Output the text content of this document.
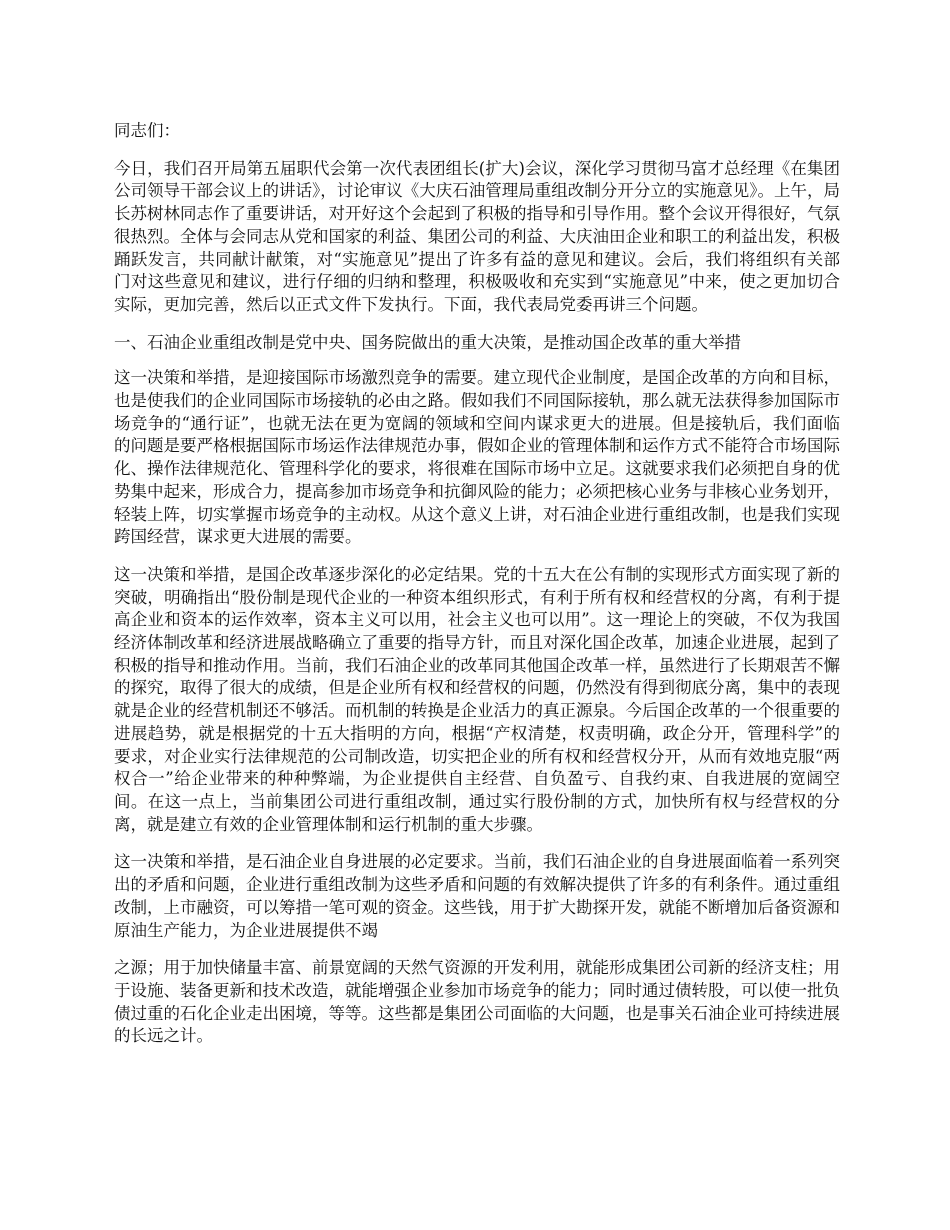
同志们：

今日，我们召开局第五届职代会第一次代表团组长(扩大)会议，深化学习贯彻马富才总经理《在集团公司领导干部会议上的讲话》，讨论审议《大庆石油管理局重组改制分开分立的实施意见》。上午，局长苏树林同志作了重要讲话，对开好这个会起到了积极的指导和引导作用。整个会议开得很好，气氛很热烈。全体与会同志从党和国家的利益、集团公司的利益、大庆油田企业和职工的利益出发，积极踊跃发言，共同献计献策，对“实施意见”提出了许多有益的意见和建议。会后，我们将组织有关部门对这些意见和建议，进行仔细的归纳和整理，积极吸收和充实到“实施意见”中来，使之更加切合实际，更加完善，然后以正式文件下发执行。下面，我代表局党委再讲三个问题。

一、石油企业重组改制是党中央、国务院做出的重大决策，是推动国企改革的重大举措

这一决策和举措，是迎接国际市场激烈竞争的需要。建立现代企业制度，是国企改革的方向和目标，也是使我们的企业同国际市场接轨的必由之路。假如我们不同国际接轨，那么就无法获得参加国际市场竞争的“通行证”，也就无法在更为宽阔的领域和空间内谋求更大的进展。但是接轨后，我们面临的问题是要严格根据国际市场运作法律规范办事，假如企业的管理体制和运作方式不能符合市场国际化、操作法律规范化、管理科学化的要求，将很难在国际市场中立足。这就要求我们必须把自身的优势集中起来，形成合力，提高参加市场竞争和抗御风险的能力；必须把核心业务与非核心业务划开，轻装上阵，切实掌握市场竞争的主动权。从这个意义上讲，对石油企业进行重组改制，也是我们实现跨国经营，谋求更大进展的需要。

这一决策和举措，是国企改革逐步深化的必定结果。党的十五大在公有制的实现形式方面实现了新的突破，明确指出“股份制是现代企业的一种资本组织形式，有利于所有权和经营权的分离，有利于提高企业和资本的运作效率，资本主义可以用，社会主义也可以用”。这一理论上的突破，不仅为我国经济体制改革和经济进展战略确立了重要的指导方针，而且对深化国企改革，加速企业进展，起到了积极的指导和推动作用。当前，我们石油企业的改革同其他国企改革一样，虽然进行了长期艰苦不懈的探究，取得了很大的成绩，但是企业所有权和经营权的问题，仍然没有得到彻底分离，集中的表现就是企业的经营机制还不够活。而机制的转换是企业活力的真正源泉。今后国企改革的一个很重要的进展趋势，就是根据党的十五大指明的方向，根据“产权清楚，权责明确，政企分开，管理科学”的要求，对企业实行法律规范的公司制改造，切实把企业的所有权和经营权分开，从而有效地克服“两权合一”给企业带来的种种弊端，为企业提供自主经营、自负盈亏、自我约束、自我进展的宽阔空间。在这一点上，当前集团公司进行重组改制，通过实行股份制的方式，加快所有权与经营权的分离，就是建立有效的企业管理体制和运行机制的重大步骤。

这一决策和举措，是石油企业自身进展的必定要求。当前，我们石油企业的自身进展面临着一系列突出的矛盾和问题，企业进行重组改制为这些矛盾和问题的有效解决提供了许多的有利条件。通过重组改制，上市融资，可以筹措一笔可观的资金。这些钱，用于扩大勘探开发，就能不断增加后备资源和原油生产能力，为企业进展提供不竭

之源；用于加快储量丰富、前景宽阔的天然气资源的开发利用，就能形成集团公司新的经济支柱；用于设施、装备更新和技术改造，就能增强企业参加市场竞争的能力；同时通过债转股，可以使一批负债过重的石化企业走出困境，等等。这些都是集团公司面临的大问题，也是事关石油企业可持续进展的长远之计。
